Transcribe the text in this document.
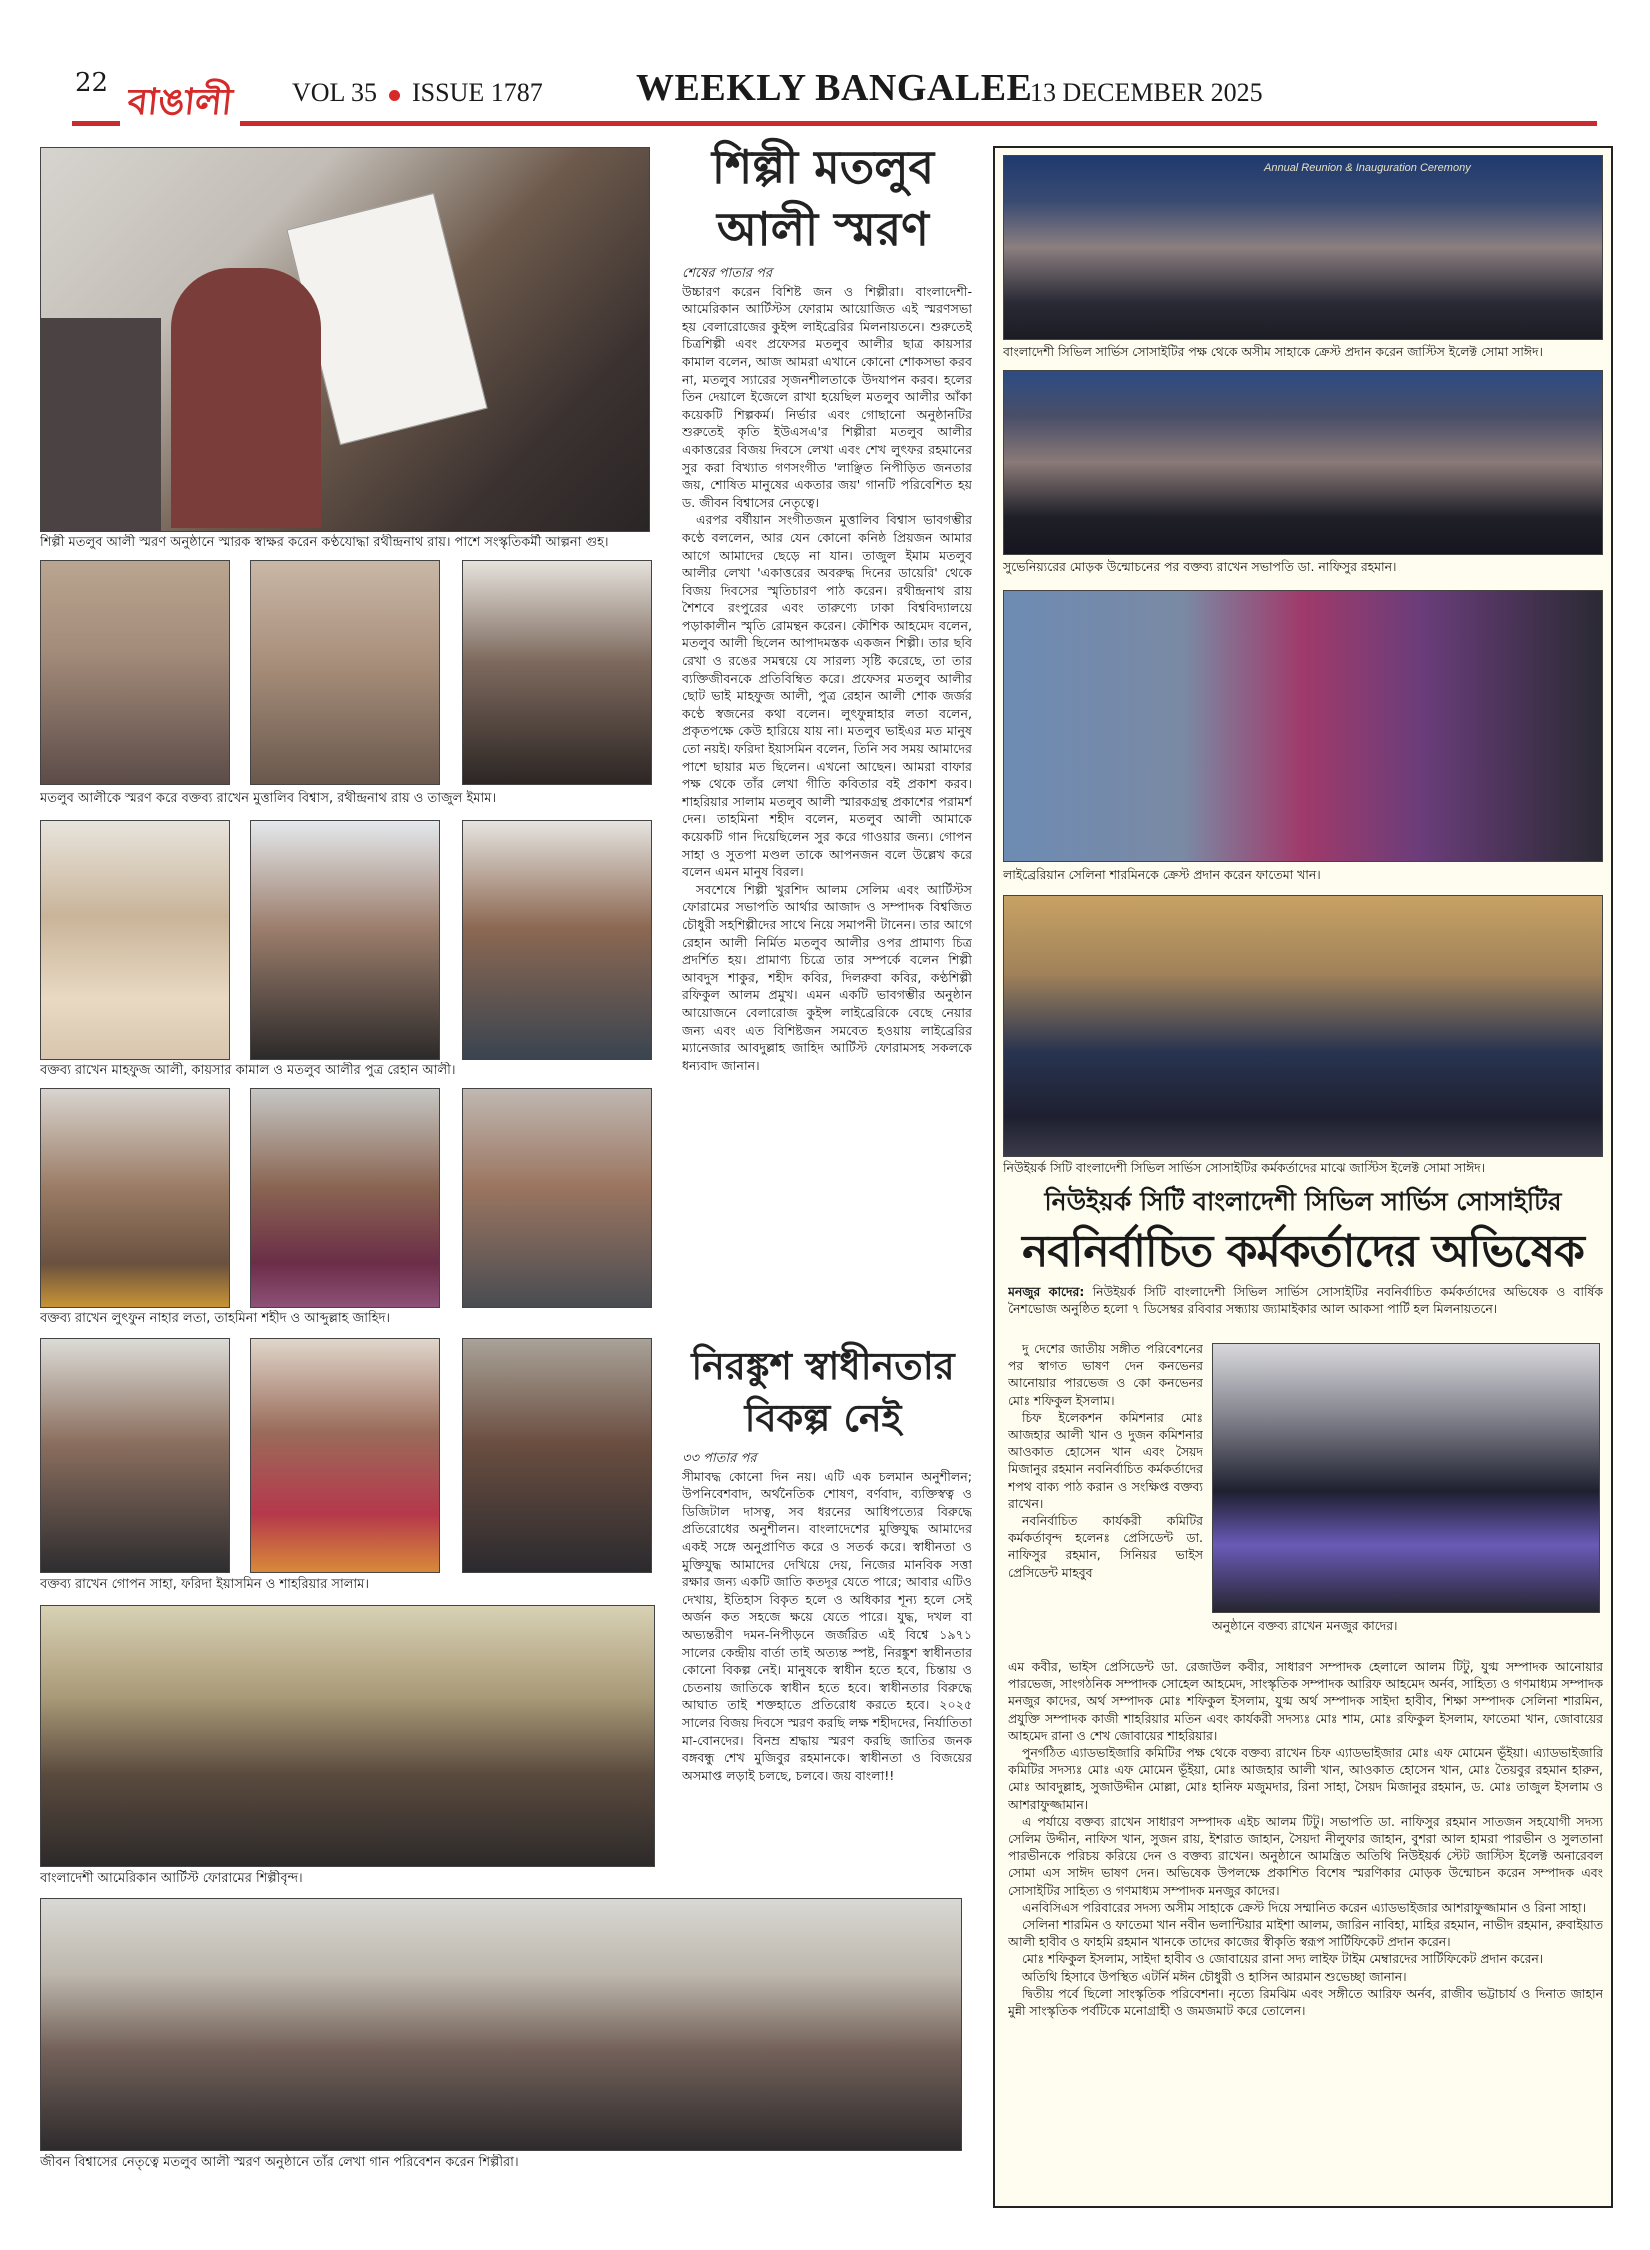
22 বাঙালী	VOL 35 ISSUE 1787 WEEKLY BANGALEE
13 DECEMBER 2025
শিল্পী মতলুব আলী স্মরণ অনুষ্ঠানে স্মারক স্বাক্ষর করেন কণ্ঠযোদ্ধা রথীন্দ্রনাথ রায়। পাশে সংস্কৃতিকর্মী আল্পনা গুহ।
মতলুব আলীকে স্মরণ করে বক্তব্য রাখেন মুত্তালিব বিশ্বাস, রথীন্দ্রনাথ রায় ও তাজুল ইমাম।
বক্তব্য রাখেন মাহফুজ আলী, কায়সার কামাল ও মতলুব আলীর পুত্র রেহান আলী।
বক্তব্য রাখেন লুৎফুন নাহার লতা, তাহমিনা শহীদ ও আব্দুল্লাহ জাহিদ।
বক্তব্য রাখেন গোপন সাহা, ফরিদা ইয়াসমিন ও শাহরিয়ার সালাম।
বাংলাদেশী আমেরিকান আর্টিস্ট ফোরামের শিল্পীবৃন্দ।
জীবন বিশ্বাসের নেতৃত্বে মতলুব আলী স্মরণ অনুষ্ঠানে তাঁর লেখা গান পরিবেশন করেন শিল্পীরা।
শিল্পী মতলুব
আলী স্মরণ
শেষের পাতার পর

উচ্চারণ করেন বিশিষ্ট জন ও শিল্পীরা। বাংলাদেশী-আমেরিকান আর্টিস্টস ফোরাম আয়োজিত এই স্মরণসভা হয় বেলারোজের কুইন্স লাইব্রেরির মিলনায়তনে। শুরুতেই চিত্রশিল্পী এবং প্রফেসর মতলুব আলীর ছাত্র কায়সার কামাল বলেন, আজ আমরা এখানে কোনো শোকসভা করব না, মতলুব স্যারের সৃজনশীলতাকে উদযাপন করব। হলের তিন দেয়ালে ইজেলে রাখা হয়েছিল মতলুব আলীর আঁকা কয়েকটি শিল্পকর্ম। নির্ভার এবং গোছানো অনুষ্ঠানটির শুরুতেই কৃতি ইউএসএ'র শিল্পীরা মতলুব আলীর একাত্তরের বিজয় দিবসে লেখা এবং শেখ লুৎফর রহমানের সুর করা বিখ্যাত গণসংগীত 'লাঞ্ছিত নিপীড়িত জনতার জয়, শোষিত মানুষের একতার জয়' গানটি পরিবেশিত হয় ড. জীবন বিশ্বাসের নেতৃত্বে।

এরপর বর্ষীয়ান সংগীতজন মুত্তালিব বিশ্বাস ভাবগম্ভীর কণ্ঠে বললেন, আর যেন কোনো কনিষ্ঠ প্রিয়জন আমার আগে আমাদের ছেড়ে না যান। তাজুল ইমাম মতলুব আলীর লেখা 'একাত্তরের অবরুদ্ধ দিনের ডায়েরি' থেকে বিজয় দিবসের স্মৃতিচারণ পাঠ করেন। রথীন্দ্রনাথ রায় শৈশবে রংপুরের এবং তারুণ্যে ঢাকা বিশ্ববিদ্যালয়ে পড়াকালীন স্মৃতি রোমন্থন করেন। কৌশিক আহমেদ বলেন, মতলুব আলী ছিলেন আপাদমস্তক একজন শিল্পী। তার ছবি রেখা ও রঙের সমন্বয়ে যে সারল্য সৃষ্টি করেছে, তা তার ব্যক্তিজীবনকে প্রতিবিম্বিত করে। প্রফেসর মতলুব আলীর ছোট ভাই মাহফুজ আলী, পুত্র রেহান আলী শোক জর্জর কণ্ঠে স্বজনের কথা বলেন। লুৎফুন্নাহার লতা বলেন, প্রকৃতপক্ষে কেউ হারিয়ে যায় না। মতলুব ভাইএর মত মানুষ তো নয়ই। ফরিদা ইয়াসমিন বলেন, তিনি সব সময় আমাদের পাশে ছায়ার মত ছিলেন। এখনো আছেন। আমরা বাফার পক্ষ থেকে তাঁর লেখা গীতি কবিতার বই প্রকাশ করব। শাহরিয়ার সালাম মতলুব আলী স্মারকগ্রন্থ প্রকাশের পরামর্শ দেন। তাহমিনা শহীদ বলেন, মতলুব আলী আমাকে কয়েকটি গান দিয়েছিলেন সুর করে গাওয়ার জন্য। গোপন সাহা ও সুতপা মণ্ডল তাকে আপনজন বলে উল্লেখ করে বলেন এমন মানুষ বিরল।

সবশেষে শিল্পী খুরশিদ আলম সেলিম এবং আর্টিস্টস ফোরামের সভাপতি আর্থার আজাদ ও সম্পাদক বিশ্বজিত চৌধুরী সহশিল্পীদের সাথে নিয়ে সমাপনী টানেন। তার আগে রেহান আলী নির্মিত মতলুব আলীর ওপর প্রামাণ্য চিত্র প্রদর্শিত হয়। প্রামাণ্য চিত্রে তার সম্পর্কে বলেন শিল্পী আবদুস শাকুর, শহীদ কবির, দিলরুবা কবির, কণ্ঠশিল্পী রফিকুল আলম প্রমুখ। এমন একটি ভাবগম্ভীর অনুষ্ঠান আয়োজনে বেলারোজ কুইন্স লাইব্রেরিকে বেছে নেয়ার জন্য এবং এত বিশিষ্টজন সমবেত হওয়ায় লাইব্রেরির ম্যানেজার আবদুল্লাহ জাহিদ আর্টিস্ট ফোরামসহ সকলকে ধন্যবাদ জানান।

নিরঙ্কুশ স্বাধীনতার
বিকল্প নেই
৩৩ পাতার পর

সীমাবদ্ধ কোনো দিন নয়। এটি এক চলমান অনুশীলন; উপনিবেশবাদ, অর্থনৈতিক শোষণ, বর্ণবাদ, ব্যক্তিস্বত্ব ও ডিজিটাল দাসত্ব, সব ধরনের আধিপত্যের বিরুদ্ধে প্রতিরোধের অনুশীলন। বাংলাদেশের মুক্তিযুদ্ধ আমাদের একই সঙ্গে অনুপ্রাণিত করে ও সতর্ক করে। স্বাধীনতা ও মুক্তিযুদ্ধ আমাদের দেখিয়ে দেয়, নিজের মানবিক সত্তা রক্ষার জন্য একটি জাতি কতদূর যেতে পারে; আবার এটিও দেখায়, ইতিহাস বিকৃত হলে ও অধিকার শূন্য হলে সেই অর্জন কত সহজে ক্ষয়ে যেতে পারে। যুদ্ধ, দখল বা অভ্যন্তরীণ দমন-নিপীড়নে জর্জরিত এই বিশ্বে ১৯৭১ সালের কেন্দ্রীয় বার্তা তাই অত্যন্ত স্পষ্ট, নিরঙ্কুশ স্বাধীনতার কোনো বিকল্প নেই। মানুষকে স্বাধীন হতে হবে, চিন্তায় ও চেতনায় জাতিকে স্বাধীন হতে হবে। স্বাধীনতার বিরুদ্ধে আঘাত তাই শক্তহাতে প্রতিরোধ করতে হবে। ২০২৫ সালের বিজয় দিবসে স্মরণ করছি লক্ষ শহীদদের, নির্যাতিতা মা-বোনদের। বিনম্র শ্রদ্ধায় স্মরণ করছি জাতির জনক বঙ্গবন্ধু শেখ মুজিবুর রহমানকে। স্বাধীনতা ও বিজয়ের অসমাপ্ত লড়াই চলছে, চলবে। জয় বাংলা!!

Annual Reunion & Inauguration Ceremony
বাংলাদেশী সিভিল সার্ভিস সোসাইটির পক্ষ থেকে অসীম সাহাকে ক্রেস্ট প্রদান করেন জাস্টিস ইলেক্ট সোমা সাঈদ।
সুভেনিয়্যরের মোড়ক উন্মোচনের পর বক্তব্য রাখেন সভাপতি ডা. নাফিসুর রহমান।
লাইব্রেরিয়ান সেলিনা শারমিনকে ক্রেস্ট প্রদান করেন ফাতেমা খান।
নিউইয়র্ক সিটি বাংলাদেশী সিভিল সার্ভিস সোসাইটির কর্মকর্তাদের মাঝে জাস্টিস ইলেক্ট সোমা সাঈদ।
নিউইয়র্ক সিটি বাংলাদেশী সিভিল সার্ভিস সোসাইটির
নবনির্বাচিত কর্মকর্তাদের অভিষেক
মনজুর কাদের: নিউইয়র্ক সিটি বাংলাদেশী সিভিল সার্ভিস সোসাইটির নবনির্বাচিত কর্মকর্তাদের অভিষেক ও বার্ষিক নৈশভোজ অনুষ্ঠিত হলো ৭ ডিসেম্বর রবিবার সন্ধ্যায় জ্যামাইকার আল আকসা পার্টি হল মিলনায়তনে।

দু দেশের জাতীয় সঙ্গীত পরিবেশনের পর স্বাগত ভাষণ দেন কনভেনর আনোয়ার পারভেজ ও কো কনভেনর মোঃ শফিকুল ইসলাম।

চিফ ইলেকশন কমিশনার মোঃ আজহার আলী খান ও দুজন কমিশনার আওকাত হোসেন খান এবং সৈয়দ মিজানুর রহমান নবনির্বাচিত কর্মকর্তাদের শপথ বাক্য পাঠ করান ও সংক্ষিপ্ত বক্তব্য রাখেন।

নবনির্বাচিত কার্যকরী কমিটির কর্মকর্তাবৃন্দ হলেনঃ প্রেসিডেন্ট ডা. নাফিসুর রহমান, সিনিয়র ভাইস প্রেসিডেন্ট মাহবুব

অনুষ্ঠানে বক্তব্য রাখেন মনজুর কাদের।

এম কবীর, ভাইস প্রেসিডেন্ট ডা. রেজাউল কবীর, সাধারণ সম্পাদক হেলালে আলম টিটু, যুগ্ম সম্পাদক আনোয়ার পারভেজ, সাংগঠনিক সম্পাদক সোহেল আহমেদ, সাংস্কৃতিক সম্পাদক আরিফ আহমেদ অর্নব, সাহিত্য ও গণমাধ্যম সম্পাদক মনজুর কাদের, অর্থ সম্পাদক মোঃ শফিকুল ইসলাম, যুগ্ম অর্থ সম্পাদক সাইদা হাবীব, শিক্ষা সম্পাদক সেলিনা শারমিন, প্রযুক্তি সম্পাদক কাজী শাহরিয়ার মতিন এবং কার্যকরী সদস্যঃ মোঃ শাম, মোঃ রফিকুল ইসলাম, ফাতেমা খান, জোবায়ের আহমেদ রানা ও শেখ জোবায়ের শাহরিয়ার।

পুনর্গঠিত এ্যাডভাইজারি কমিটির পক্ষ থেকে বক্তব্য রাখেন চিফ এ্যাডভাইজার মোঃ এফ মোমেন ভূঁইয়া। এ্যাডভাইজারি কমিটির সদস্যঃ মোঃ এফ মোমেন ভূঁইয়া, মোঃ আজহার আলী খান, আওকাত হোসেন খান, মোঃ তৈয়বুর রহমান হারুন, মোঃ আবদুল্লাহ, সুজাউদ্দীন মোল্লা, মোঃ হানিফ মজুমদার, রিনা সাহা, সৈয়দ মিজানুর রহমান, ড. মোঃ তাজুল ইসলাম ও আশরাফুজ্জামান।

এ পর্যায়ে বক্তব্য রাখেন সাধারণ সম্পাদক এইচ আলম টিটু। সভাপতি ডা. নাফিসুর রহমান সাতজন সহযোগী সদস্য সেলিম উদ্দীন, নাফিস খান, সুজন রায়, ইশরাত জাহান, সৈয়দা নীলুফার জাহান, বুশরা আল হামরা পারভীন ও সুলতানা পারভীনকে পরিচয় করিয়ে দেন ও বক্তব্য রাখেন। অনুষ্ঠানে আমন্ত্রিত অতিথি নিউইয়র্ক স্টেট জাস্টিস ইলেক্ট অনারেবল সোমা এস সাঈদ ভাষণ দেন। অভিষেক উপলক্ষে প্রকাশিত বিশেষ স্মরণিকার মোড়ক উন্মোচন করেন সম্পাদক এবং সোসাইটির সাহিত্য ও গণমাধ্যম সম্পাদক মনজুর কাদের।

এনবিসিএস পরিবারের সদস্য অসীম সাহাকে ক্রেস্ট দিয়ে সম্মানিত করেন এ্যাডভাইজার আশরাফুজ্জামান ও রিনা সাহা।

সেলিনা শারমিন ও ফাতেমা খান নবীন ভলান্টিয়ার মাইশা আলম, জারিন নাবিহা, মাহির রহমান, নাভীদ রহমান, রুবাইয়াত আলী হাবীব ও ফাহমি রহমান খানকে তাদের কাজের স্বীকৃতি স্বরূপ সার্টিফিকেট প্রদান করেন।

মোঃ শফিকুল ইসলাম, সাইদা হাবীব ও জোবায়ের রানা সদ্য লাইফ টাইম মেম্বারদের সার্টিফিকেট প্রদান করেন।

অতিথি হিসাবে উপস্থিত এটর্নি মঈন চৌধুরী ও হাসিন আরমান শুভেচ্ছা জানান।

দ্বিতীয় পর্বে ছিলো সাংস্কৃতিক পরিবেশনা। নৃত্যে রিমঝিম এবং সঙ্গীতে আরিফ অর্নব, রাজীব ভট্টাচার্য ও দিনাত জাহান মুন্নী সাংস্কৃতিক পর্বটিকে মনোগ্রাহী ও জমজমাট করে তোলেন।
